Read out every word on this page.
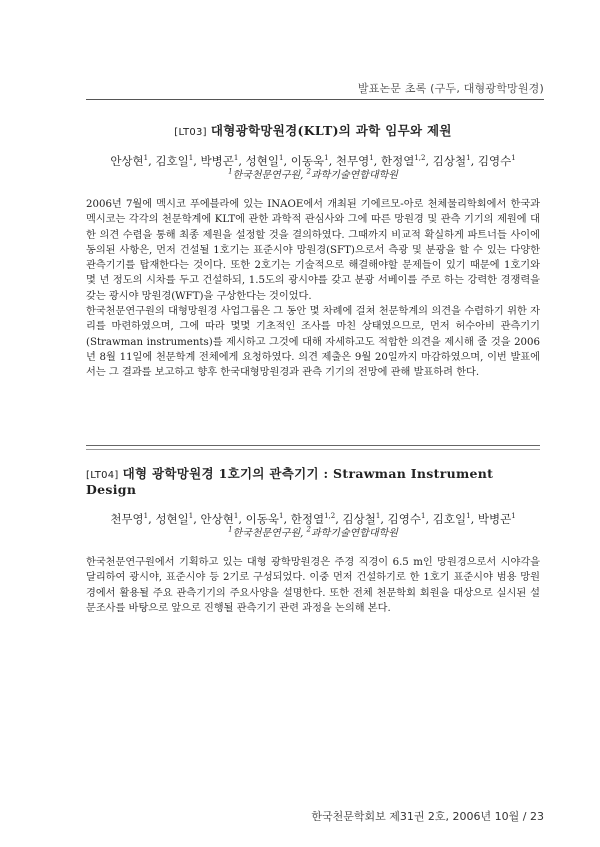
발표논문 초록 (구두, 대형광학망원경)
[LT03] 대형광학망원경(KLT)의 과학 임무와 제원
안상현$^1$, 김호일$^1$, 박병곤$^1$, 성현일$^1$, 이동욱$^1$, 천무영$^1$, 한정열$^{1,2}$, 김상철$^1$, 김영수$^1$
$^1$한국천문연구원, $^2$과학기술연합대학원

2006년 7월에 멕시코 푸에블라에 있는 INAOE에서 개최된 기에르모-아로 천체물리학회에서 한국과 멕시코는 각각의 천문학계에 KLT에 관한 과학적 관심사와 그에 따른 망원경 및 관측 기기의 제원에 대한 의견 수렴을 통해 최종 제원을 설정할 것을 결의하였다. 그때까지 비교적 확실하게 파트너들 사이에 동의된 사항은, 먼저 건설될 1호기는 표준시야 망원경(SFT)으로서 측광 및 분광을 할 수 있는 다양한 관측기기를 탑재한다는 것이다. 또한 2호기는 기술적으로 해결해야할 문제들이 있기 때문에 1호기와 몇 년 정도의 시차를 두고 건설하되, 1.5도의 광시야를 갖고 분광 서베이를 주로 하는 강력한 경쟁력을 갖는 광시야 망원경(WFT)을 구상한다는 것이었다.

한국천문연구원의 대형망원경 사업그룹은 그 동안 몇 차례에 걸쳐 천문학계의 의견을 수렴하기 위한 자리를 마련하였으며, 그에 따라 몇몇 기초적인 조사를 마친 상태였으므로, 먼저 허수아비 관측기기(Strawman instruments)를 제시하고 그것에 대해 자세하고도 적합한 의견을 제시해 줄 것을 2006년 8월 11일에 천문학계 전체에게 요청하였다. 의견 제출은 9월 20일까지 마감하였으며, 이번 발표에서는 그 결과를 보고하고 향후 한국대형망원경과 관측 기기의 전망에 관해 발표하려 한다.

[LT04] 대형 광학망원경 1호기의 관측기기 : Strawman Instrument Design
천무영$^1$, 성현일$^1$, 안상현$^1$, 이동욱$^1$, 한정열$^{1,2}$, 김상철$^1$, 김영수$^1$, 김호일$^1$, 박병곤$^1$
$^1$한국천문연구원, $^2$과학기술연합대학원

한국천문연구원에서 기획하고 있는 대형 광학망원경은 주경 직경이 6.5 m인 망원경으로서 시야각을 달리하여 광시야, 표준시야 등 2기로 구성되었다. 이중 먼저 건설하기로 한 1호기 표준시야 범용 망원경에서 활용될 주요 관측기기의 주요사양을 설명한다. 또한 전체 천문학회 회원을 대상으로 실시된 설문조사를 바탕으로 앞으로 진행될 관측기기 관련 과정을 논의해 본다.

한국천문학회보 제31권 2호, 2006년 10월 / 23
